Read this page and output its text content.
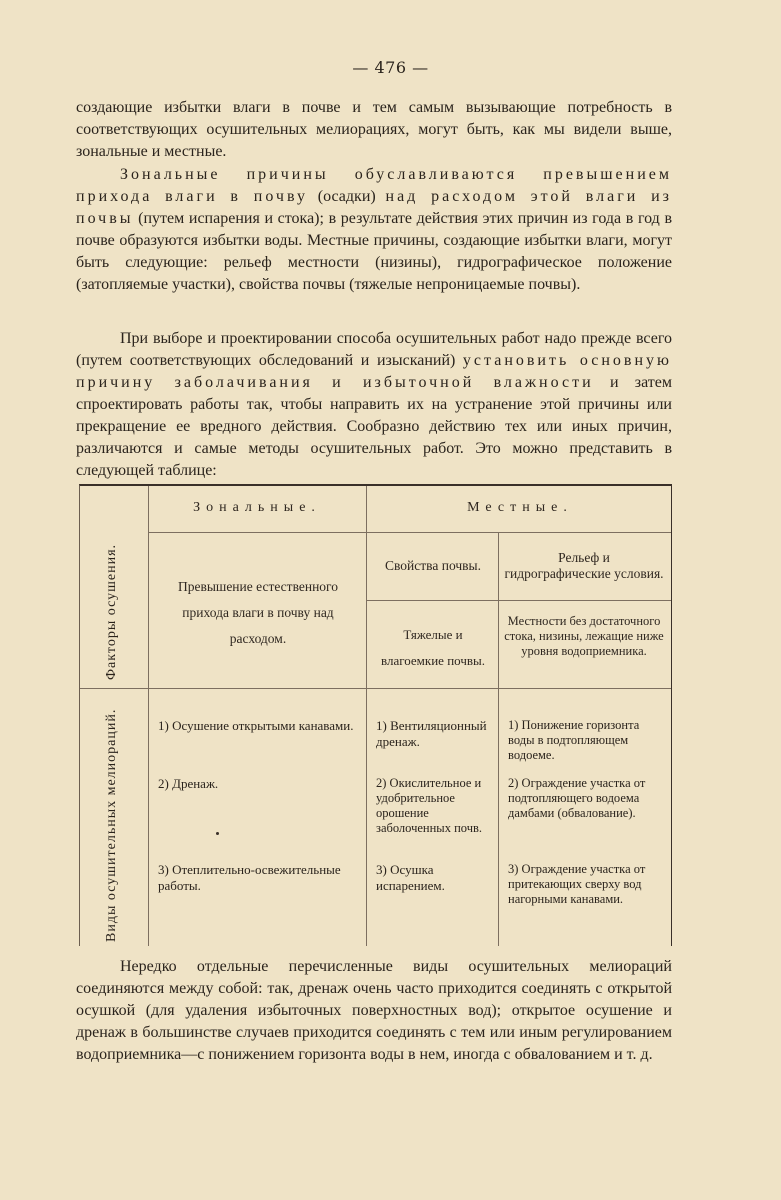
— 476 —

создающие избытки влаги в почве и тем самым вызывающие потребность в соответствующих осушительных мелиорациях, могут быть, как мы видели выше, зональные и местные.

Зональные причины обуславливаются превышением прихода влаги в почву (осадки) над расходом этой влаги из почвы (путем испарения и стока); в результате действия этих причин из года в год в почве образуются избытки воды. Местные причины, создающие избытки влаги, могут быть следующие: рельеф местности (низины), гидрографическое положение (затопляемые участки), свойства почвы (тяжелые непроницаемые почвы).

При выборе и проектировании способа осушительных работ надо прежде всего (путем соответствующих обследований и изысканий) установить основную причину заболачивания и избыточной влажности и затем спроектировать работы так, чтобы направить их на устранение этой причины или прекращение ее вредного действия. Сообразно действию тех или иных причин, различаются и самые методы осушительных работ. Это можно представить в следующей таблице:

Факторы осушения.
Виды осушительных мелиораций.
Зональные.	Местные.
Превышение естественного прихода влаги в почву над расходом.
Свойства почвы.
Рельеф и гидрографические условия.
Тяжелые и влагоемкие почвы.
Местности без достаточного стока, низины, лежащие ниже уровня водоприемника.
1) Осушение открытыми канавами.
2) Дренаж.
3) Отеплительно-освежительные работы.
1) Вентиляционный дренаж.
2) Окислительное и удобрительное орошение заболоченных почв.
3) Осушка испарением.
1) Понижение горизонта воды в подтопляющем водоеме.
2) Ограждение участка от подтопляющего водоема дамбами (обвалование).
3) Ограждение участка от притекающих сверху вод нагорными канавами.

Нередко отдельные перечисленные виды осушительных мелиораций соединяются между собой: так, дренаж очень часто приходится соединять с открытой осушкой (для удаления избыточных поверхностных вод); открытое осушение и дренаж в большинстве случаев приходится соединять с тем или иным регулированием водоприемника—с понижением горизонта воды в нем, иногда с обвалованием и т. д.
